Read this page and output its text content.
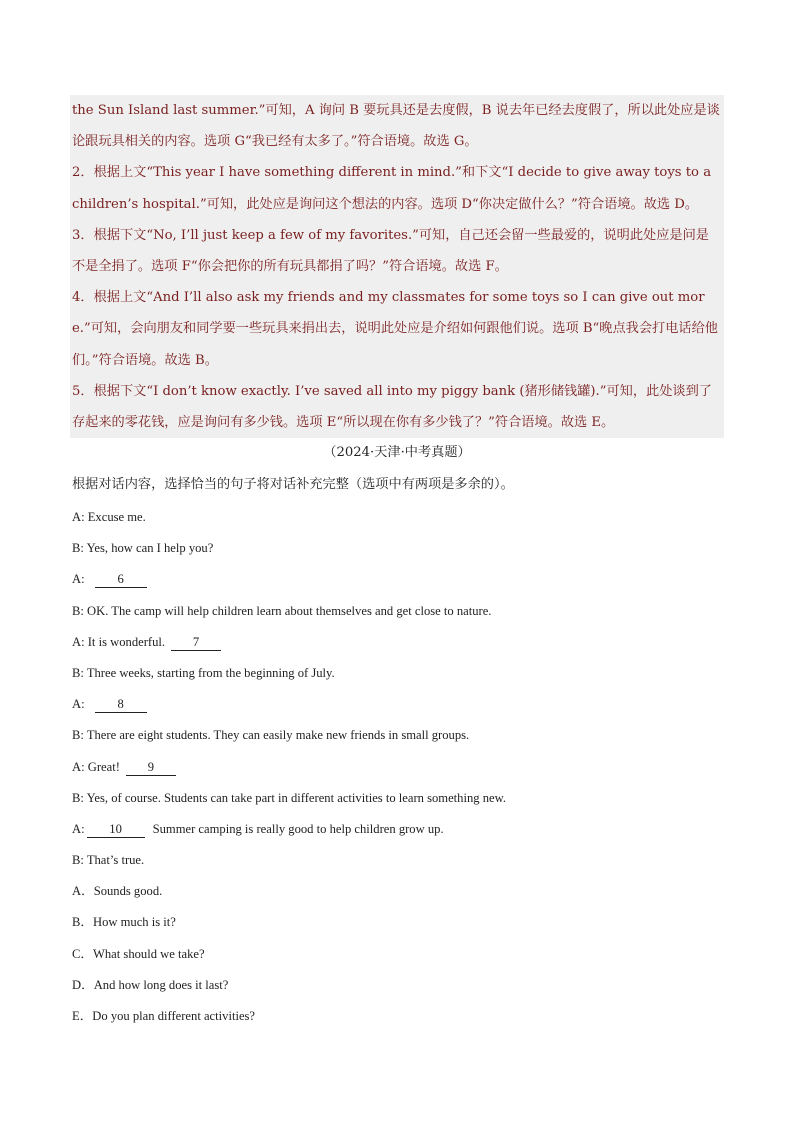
the Sun Island last summer.”可知，A 询问 B 要玩具还是去度假，B 说去年已经去度假了，所以此处应是谈论跟玩具相关的内容。选项 G“我已经有太多了。”符合语境。故选 G。

2．根据上文“This year I have something different in mind.”和下文“I decide to give away toys to a children’s hospital.”可知，此处应是询问这个想法的内容。选项 D“你决定做什么？”符合语境。故选 D。

3．根据下文“No, I’ll just keep a few of my favorites.”可知，自己还会留一些最爱的，说明此处应是问是不是全捐了。选项 F“你会把你的所有玩具都捐了吗？”符合语境。故选 F。

4．根据上文“And I’ll also ask my friends and my classmates for some toys so I can give out more.”可知，会向朋友和同学要一些玩具来捐出去，说明此处应是介绍如何跟他们说。选项 B“晚点我会打电话给他们。”符合语境。故选 B。

5．根据下文“I don’t know exactly. I’ve saved all into my piggy bank (猪形储钱罐).”可知，此处谈到了存起来的零花钱，应是询问有多少钱。选项 E“所以现在你有多少钱了？”符合语境。故选 E。

（2024·天津·中考真题）
根据对话内容，选择恰当的句子将对话补充完整（选项中有两项是多余的）。
A: Excuse me.
B: Yes, how can I help you?
A:	6
B: OK. The camp will help children learn about themselves and get close to nature.
A: It is wonderful. 7
B: Three weeks, starting from the beginning of July.
A:	8
B: There are eight students. They can easily make new friends in small groups.
A: Great! 9
B: Yes, of course. Students can take part in different activities to learn something new.
A: 10 Summer camping is really good to help children grow up.
B: That’s true.
A．Sounds good.
B．How much is it?
C．What should we take?
D．And how long does it last?
E．Do you plan different activities?
